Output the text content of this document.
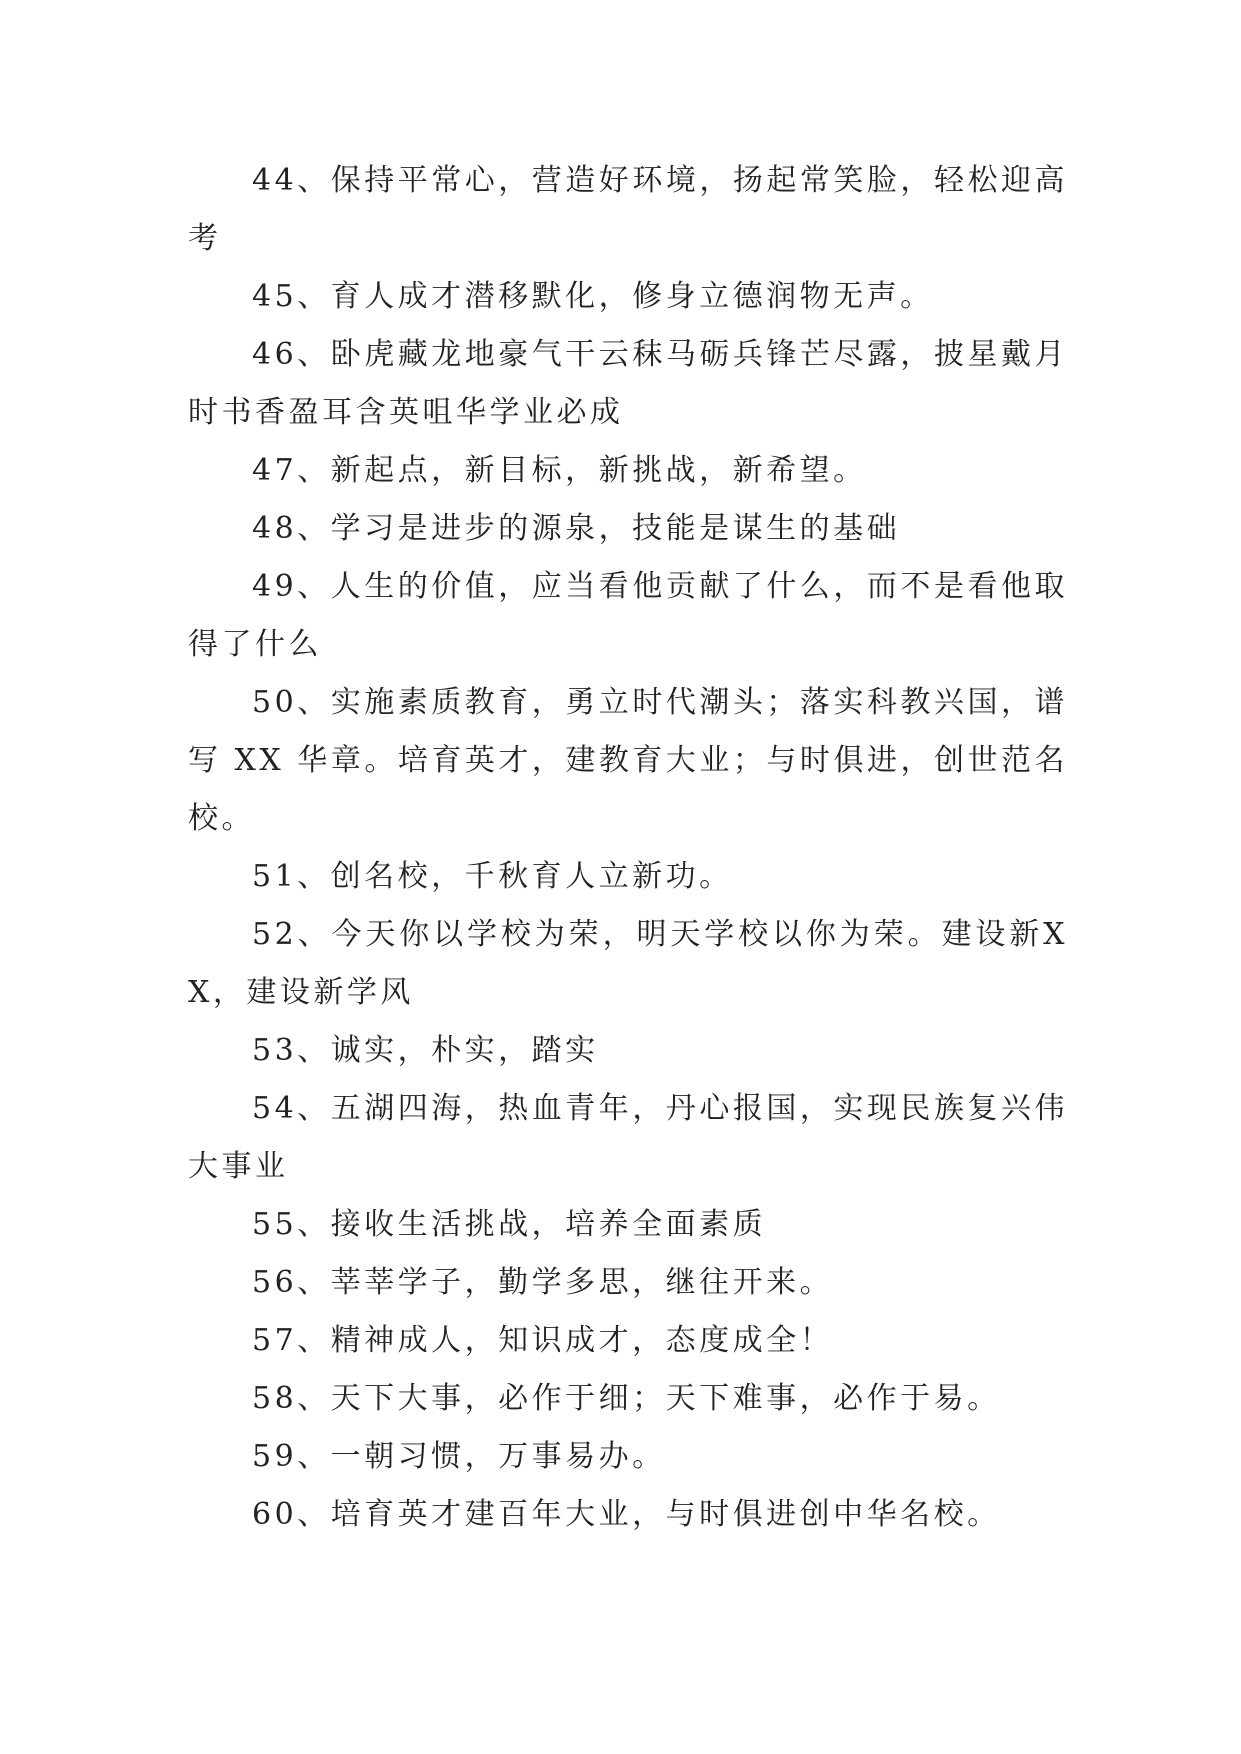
44、保持平常心，营造好环境，扬起常笑脸，轻松迎高考

45、育人成才潜移默化，修身立德润物无声。

46、卧虎藏龙地豪气干云秣马砺兵锋芒尽露，披星戴月时书香盈耳含英咀华学业必成

47、新起点，新目标，新挑战，新希望。

48、学习是进步的源泉，技能是谋生的基础

49、人生的价值，应当看他贡献了什么，而不是看他取得了什么

50、实施素质教育，勇立时代潮头；落实科教兴国，谱写 XX 华章。培育英才，建教育大业；与时俱进，创世范名校。

51、创名校，千秋育人立新功。

52、今天你以学校为荣，明天学校以你为荣。建设新XX，建设新学风

53、诚实，朴实，踏实

54、五湖四海，热血青年，丹心报国，实现民族复兴伟大事业

55、接收生活挑战，培养全面素质

56、莘莘学子，勤学多思，继往开来。

57、精神成人，知识成才，态度成全！

58、天下大事，必作于细；天下难事，必作于易。

59、一朝习惯，万事易办。

60、培育英才建百年大业，与时俱进创中华名校。
